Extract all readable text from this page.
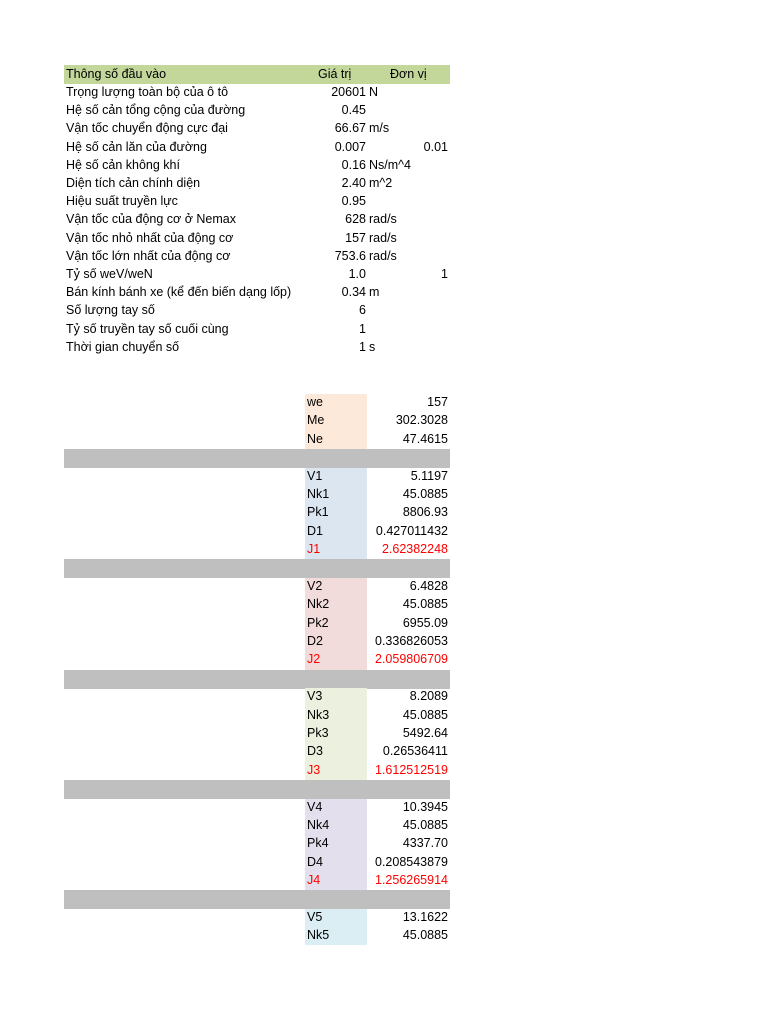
Thông số đầu vào	Giá trị	Đơn vị
Trọng lượng toàn bộ của ô tô	20601 N
Hệ số cản tổng cộng của đường	0.45
Vận tốc chuyển động cực đại	66.67 m/s
Hệ số cản lăn của đường	0.007	0.01
Hệ số cản không khí	0.16 Ns/m^4
Diện tích cản chính diện	2.40 m^2
Hiệu suất truyền lực	0.95
Vận tốc của động cơ ở Nemax	628 rad/s
Vận tốc nhỏ nhất của động cơ	157 rad/s
Vận tốc lớn nhất của động cơ	753.6 rad/s
Tỷ số weV/weN	1.0	1
Bán kính bánh xe (kể đến biến dạng lốp)	0.34 m
Số lượng tay số	6
Tỷ số truyền tay số cuối cùng	1
Thời gian chuyển số	1 s
we	157
Me	302.3028
Ne	47.4615
V1	5.1197
Nk1	45.0885
Pk1	8806.93
D1	0.427011432
J1	2.62382248
V2	6.4828
Nk2	45.0885
Pk2	6955.09
D2	0.336826053
J2	2.059806709
V3	8.2089
Nk3	45.0885
Pk3	5492.64
D3	0.26536411
J3	1.612512519
V4	10.3945
Nk4	45.0885
Pk4	4337.70
D4	0.208543879
J4	1.256265914
V5	13.1622
Nk5	45.0885
